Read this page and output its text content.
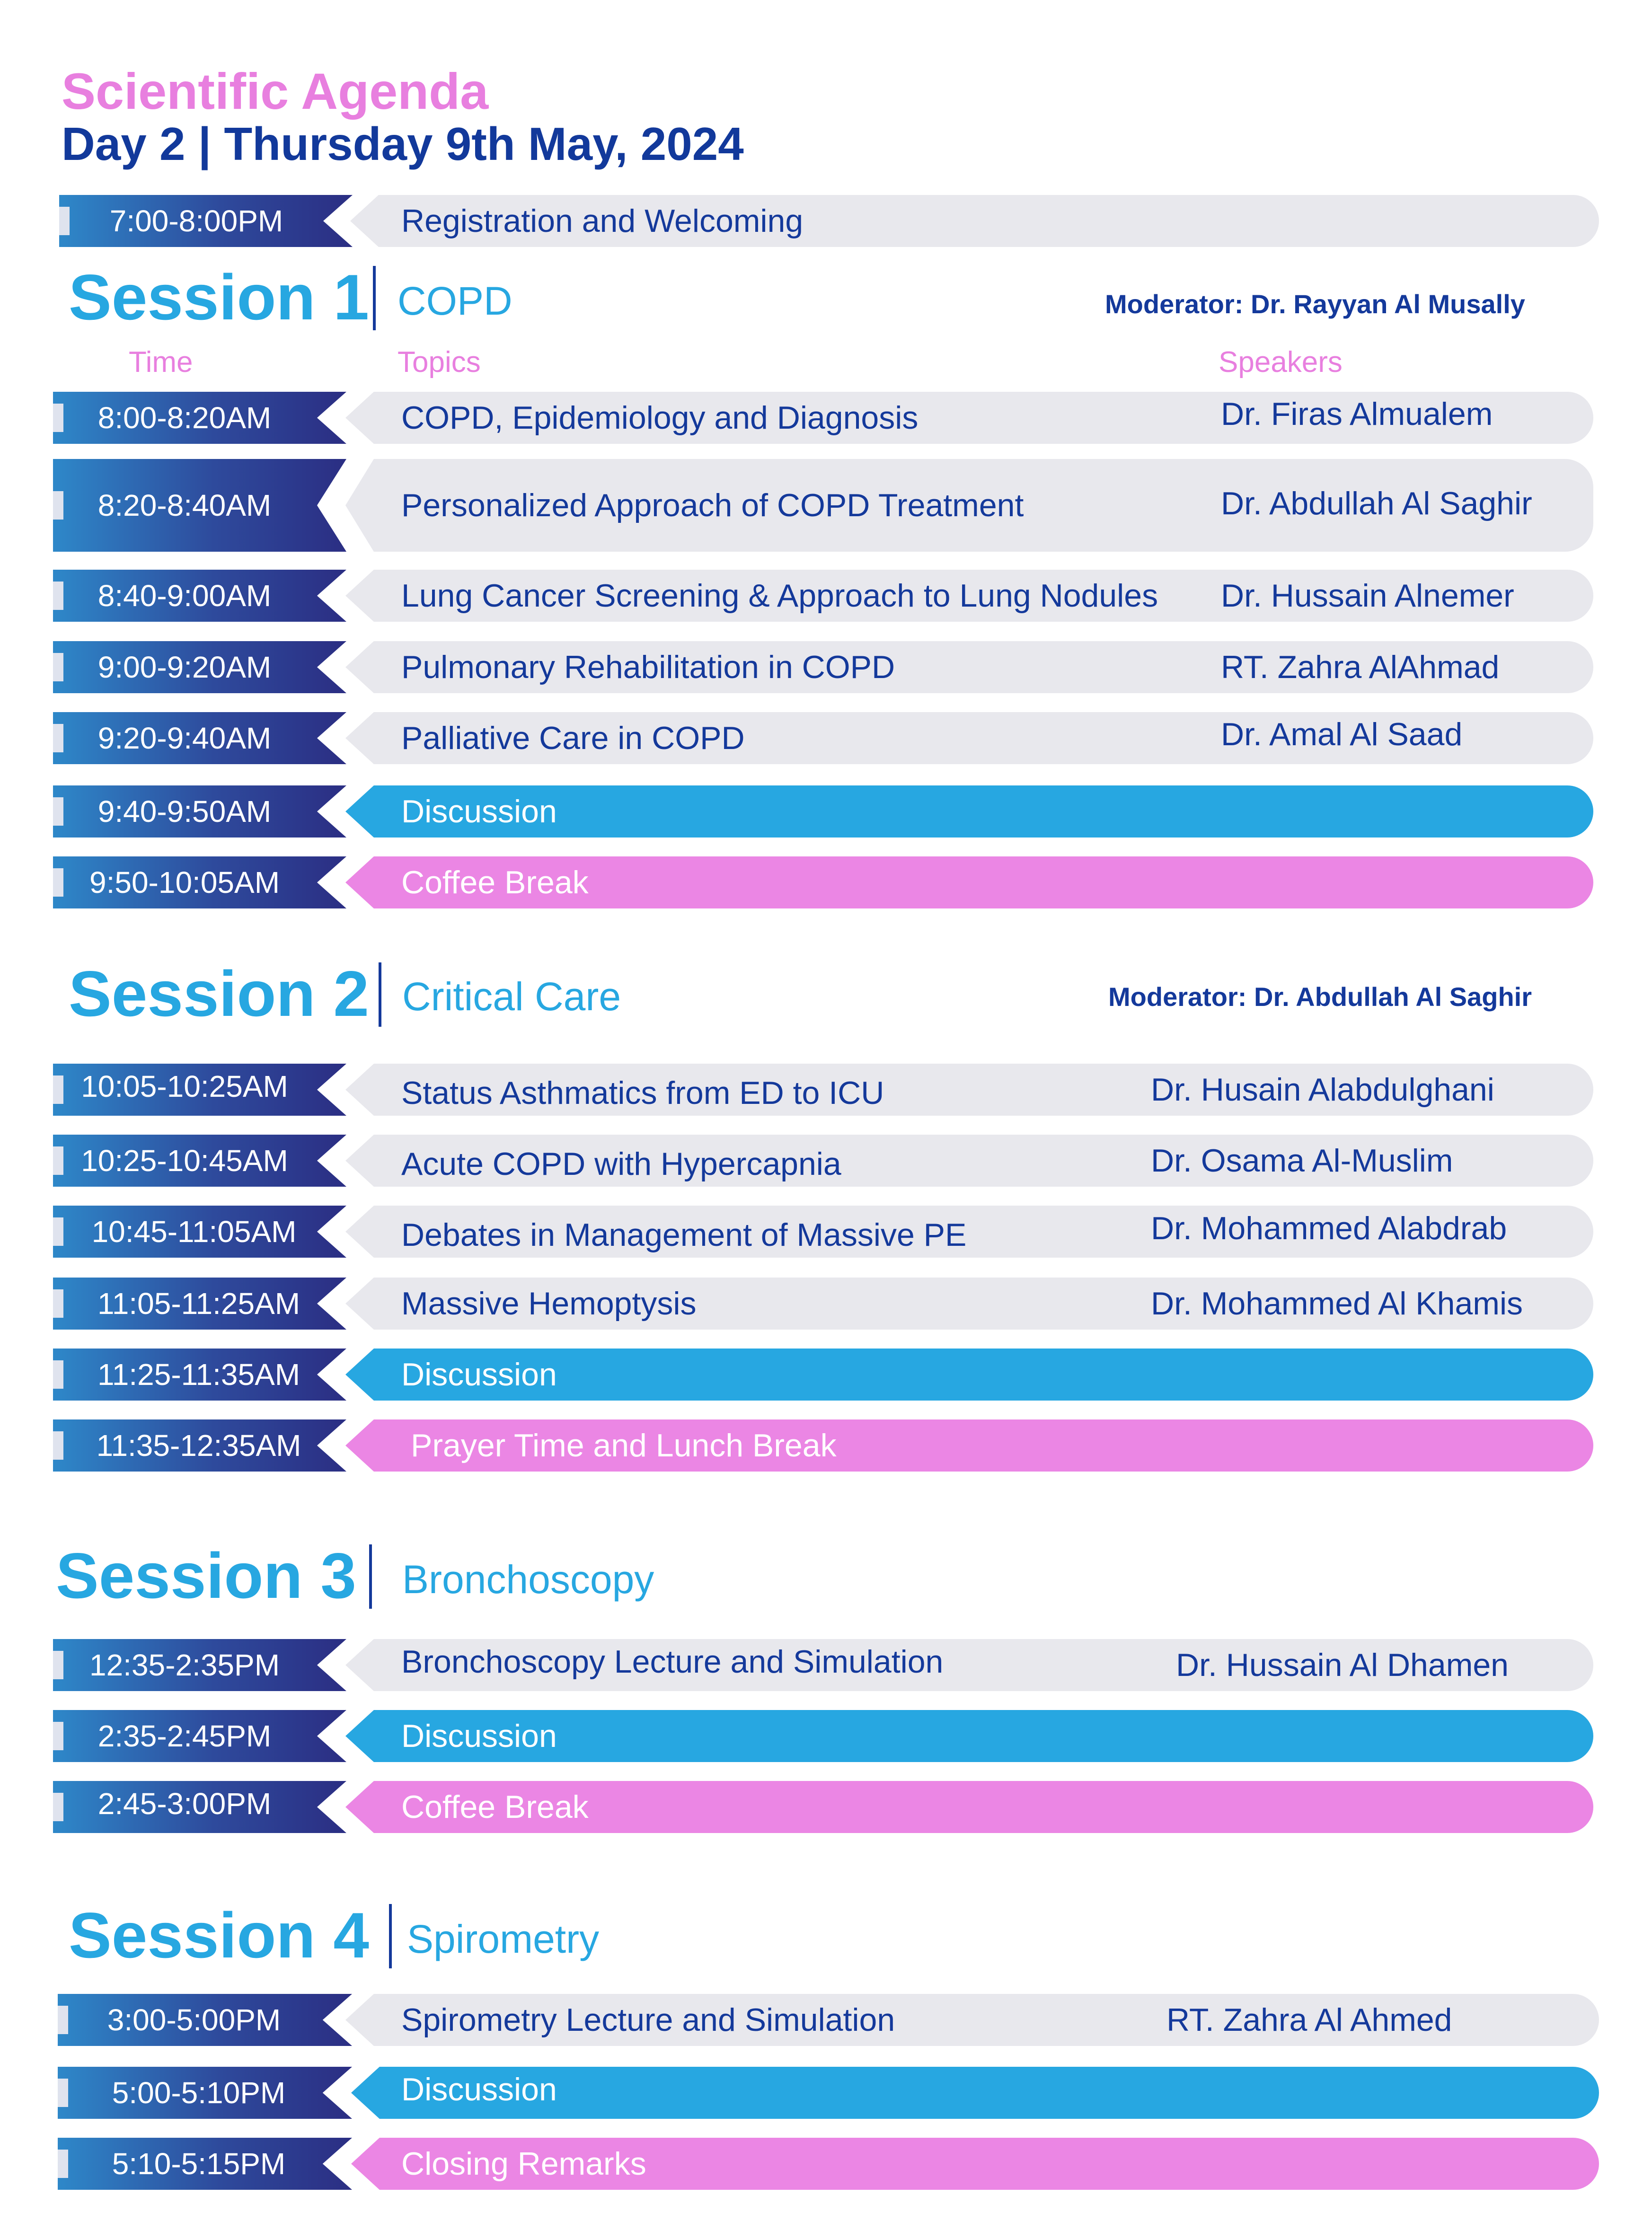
Scientific Agenda
Day 2 | Thursday 9th May, 2024
7:00-8:00PM	Registration and Welcoming
Session 1 COPD	Moderator: Dr. Rayyan Al Musally
Time	Topics	Speakers
8:00-8:20AM	COPD, Epidemiology and Diagnosis	Dr. Firas Almualem
8:20-8:40AM	Personalized Approach of COPD Treatment	Dr. Abdullah Al Saghir
8:40-9:00AM	Lung Cancer Screening & Approach to Lung Nodules Dr. Hussain Alnemer
9:00-9:20AM	Pulmonary Rehabilitation in COPD	RT. Zahra AlAhmad
9:20-9:40AM	Palliative Care in COPD	Dr. Amal Al Saad
9:40-9:50AM	Discussion
9:50-10:05AM	Coffee Break
Session 2 Critical Care	Moderator: Dr. Abdullah Al Saghir
10:05-10:25AM	Status Asthmatics from ED to ICU	Dr. Husain Alabdulghani
10:25-10:45AM	Acute COPD with Hypercapnia	Dr. Osama Al-Muslim
10:45-11:05AM	Debates in Management of Massive PE	Dr. Mohammed Alabdrab
11:05-11:25AM	Massive Hemoptysis	Dr. Mohammed Al Khamis
11:25-11:35AM	Discussion
11:35-12:35AM	Prayer Time and Lunch Break
Session 3 Bronchoscopy
12:35-2:35PM	Bronchoscopy Lecture and Simulation	Dr. Hussain Al Dhamen
2:35-2:45PM	Discussion
2:45-3:00PM	Coffee Break
Session 4 Spirometry
3:00-5:00PM	Spirometry Lecture and Simulation	RT. Zahra Al Ahmed
5:00-5:10PM	Discussion
5:10-5:15PM	Closing Remarks
